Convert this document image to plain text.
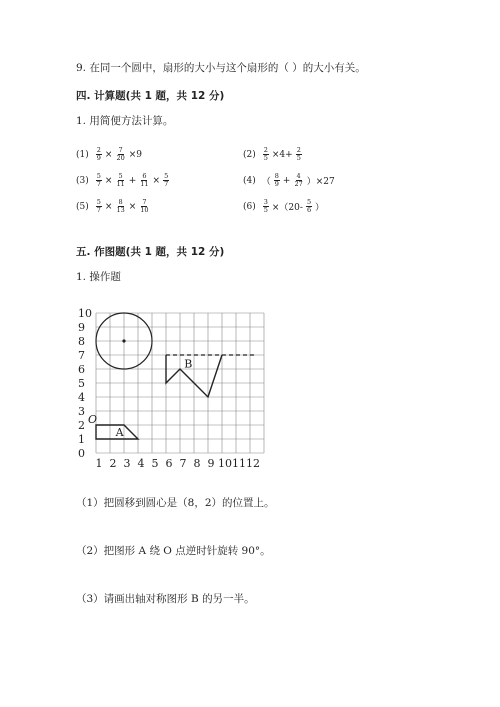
9. 在同一个圆中，扇形的大小与这个扇形的（ ）的大小有关。
四. 计算题(共 1 题，共 12 分)
1. 用简便方法计算。
$(1) \frac{2}{9} \times \frac{7}{20} \times 9$	$(2) \frac{2}{5} \times 4+ \frac{2}{5}$
$(3) \frac{5}{7} \times \frac{5}{11} + \frac{6}{11} \times \frac{5}{7}$	(4) （ $\frac{8}{9} + \frac{4}{27} )\times 27$
$(5) \frac{5}{7} \times \frac{8}{13} \times \frac{7}{10}$	$(6) \frac{3}{5} \times(20- \frac{5}{6}$ ）
五. 作图题(共 1 题，共 12 分)
1. 操作题
0
1
2
3
4
5
6
7
8
9
10
1 2 3 4 5 6 7 8 9 10 11 12
A
O
B
（1）把圆移到圆心是（8，2）的位置上。
（2）把图形 A 绕 O 点逆时针旋转 90°。
（3）请画出轴对称图形 B 的另一半。
